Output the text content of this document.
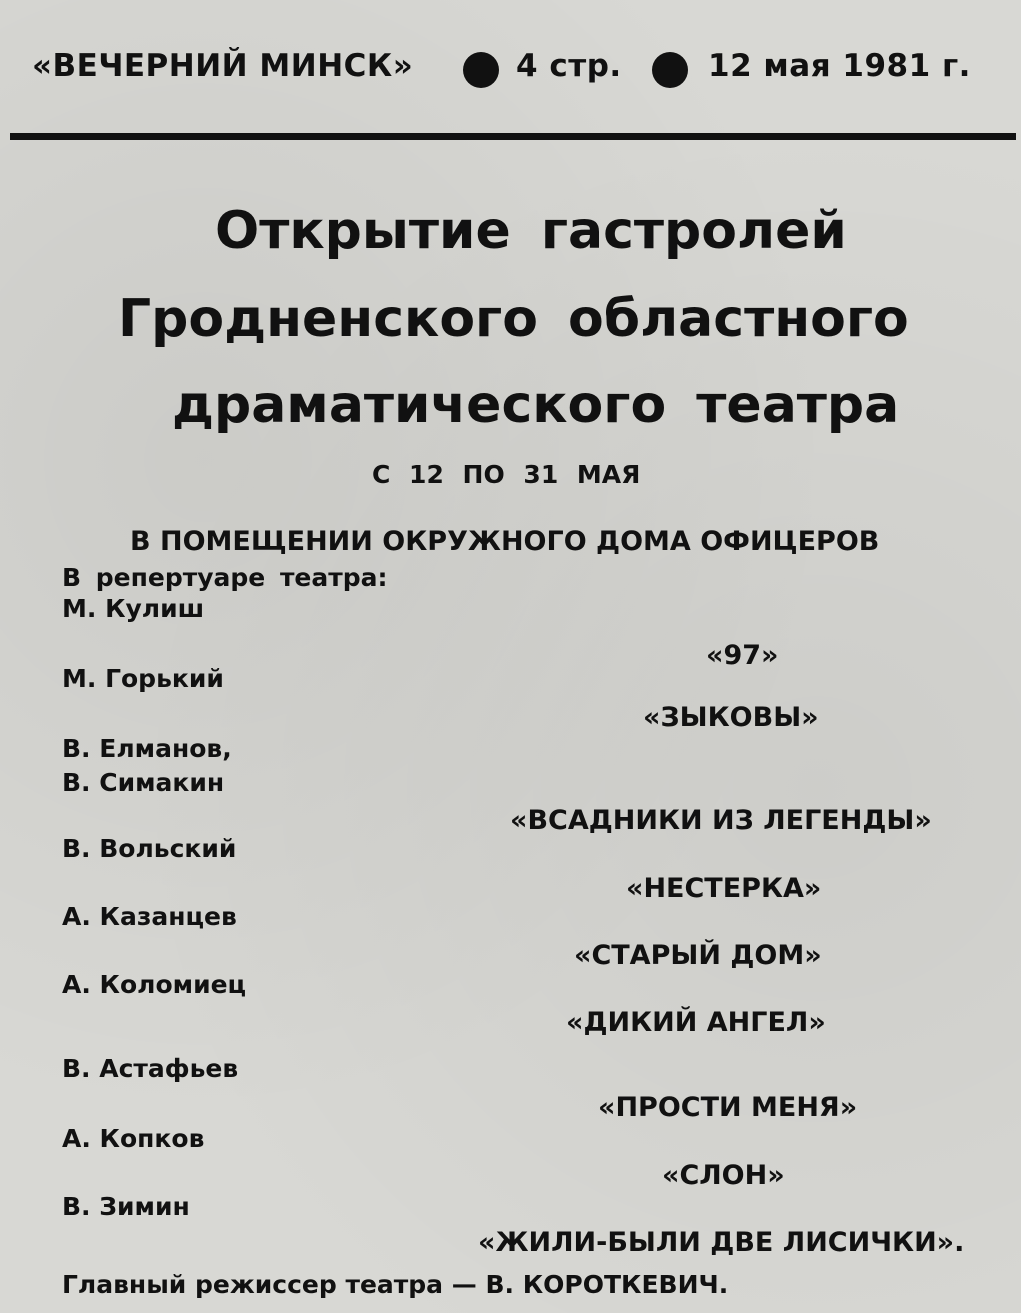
«ВЕЧЕРНИЙ МИНСК»	4 стр.	12 мая 1981 г.
Открытие гастролей
Гродненского областного
драматического театра
С 12 ПО 31 МАЯ
В ПОМЕЩЕНИИ ОКРУЖНОГО ДОМА ОФИЦЕРОВ
В репертуаре театра:
М. Кулиш
М. Горький
В. Елманов,
В. Симакин
В. Вольский
А. Казанцев
А. Коломиец
В. Астафьев
А. Копков
В. Зимин
«97»
«ЗЫКОВЫ»
«ВСАДНИКИ ИЗ ЛЕГЕНДЫ»
«НЕСТЕРКА»
«СТАРЫЙ ДОМ»
«ДИКИЙ АНГЕЛ»
«ПРОСТИ МЕНЯ»
«СЛОН»
«ЖИЛИ-БЫЛИ ДВЕ ЛИСИЧКИ».
Главный режиссер театра — В. КОРОТКЕВИЧ.
